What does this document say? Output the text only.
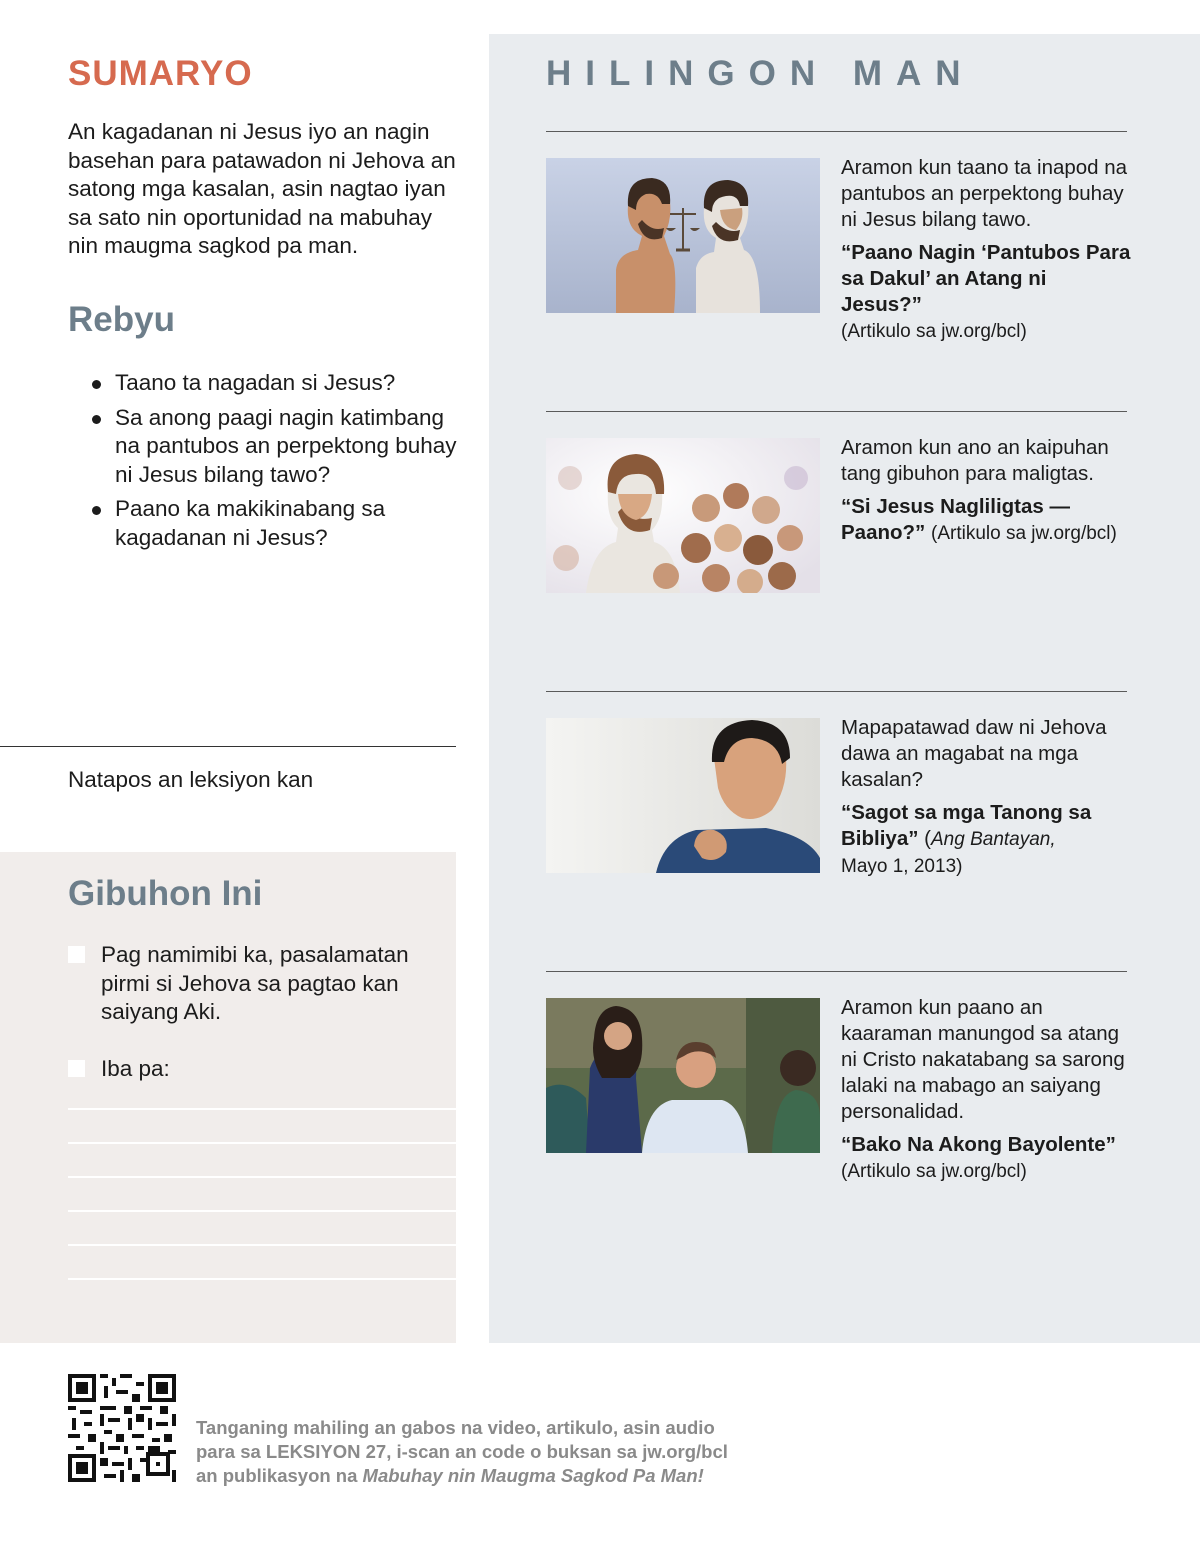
SUMARYO
An kagadanan ni Jesus iyo an nagin basehan para patawadon ni Jehova an satong mga kasalan, asin nagtao iyan sa sato nin oportunidad na mabuhay nin maugma sagkod pa man.
Rebyu
Taano ta nagadan si Jesus?
Sa anong paagi nagin katimbang na pantubos an perpektong buhay ni Jesus bilang tawo?
Paano ka makikinabang sa kagadanan ni Jesus?
Natapos an leksiyon kan
Gibuhon Ini
Pag namimibi ka, pasalamatan pirmi si Jehova sa pagtao kan saiyang Aki.
Iba pa:
HILINGON MAN
Aramon kun taano ta inapod na pantubos an perpektong buhay ni Jesus bilang tawo.
“Paano Nagin ‘Pantubos Para sa Dakul’ an Atang ni Jesus?”
(Artikulo sa jw.org/bcl)
Aramon kun ano an kaipuhan tang gibuhon para maligtas.
“Si Jesus Nagliligtas —Paano?” (Artikulo sa jw.org/bcl)
Mapapatawad daw ni Jehova dawa an magabat na mga kasalan?
“Sagot sa mga Tanong sa Bibliya” (Ang Bantayan,
Mayo 1, 2013)
Aramon kun paano an kaaraman manungod sa atang ni Cristo nakatabang sa sarong lalaki na mabago an saiyang personalidad.
“Bako Na Akong Bayolente”
(Artikulo sa jw.org/bcl)
Tanganing mahiling an gabos na video, artikulo, asin audio
para sa LEKSIYON 27, i-scan an code o buksan sa jw.org/bcl
an publikasyon na Mabuhay nin Maugma Sagkod Pa Man!
